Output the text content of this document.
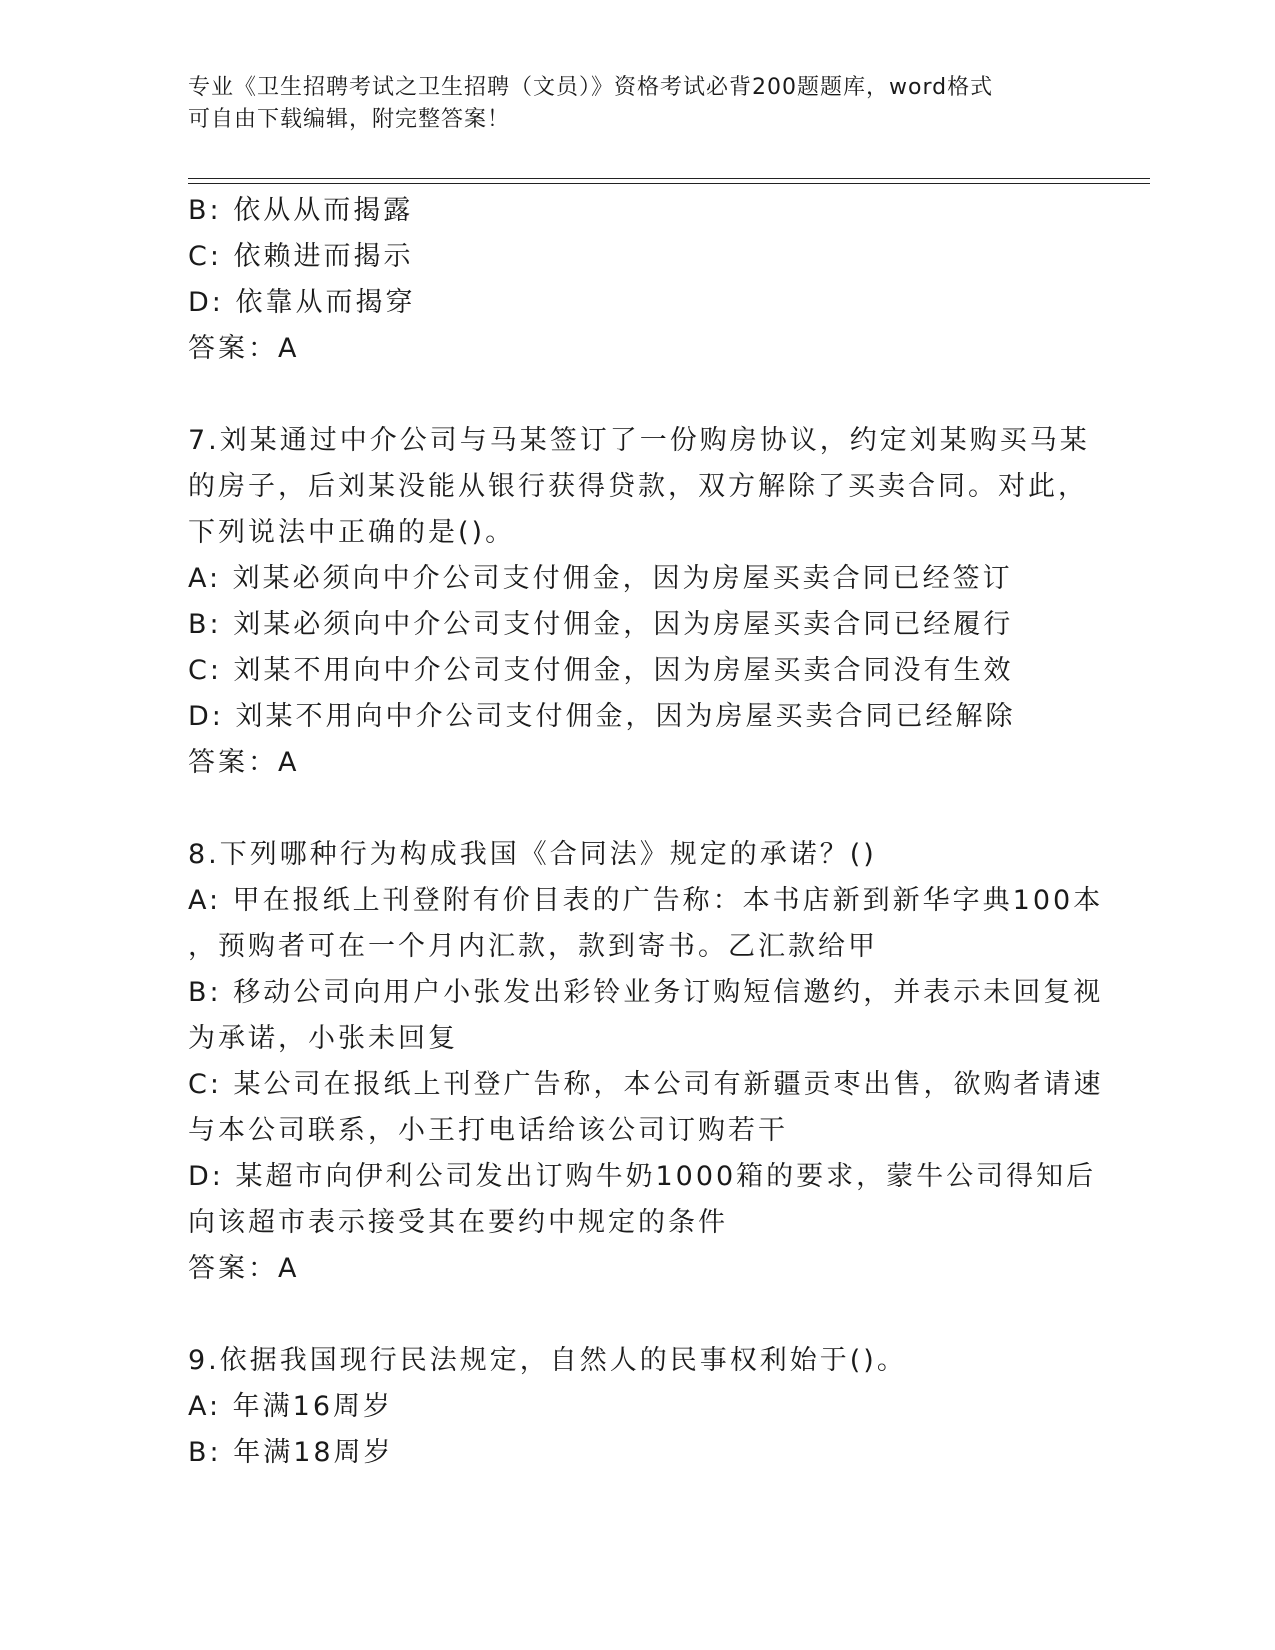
专业《卫生招聘考试之卫生招聘（文员）》资格考试必背200题题库，word格式
可自由下载编辑，附完整答案！
B: 依从从而揭露
C: 依赖进而揭示
D: 依靠从而揭穿
答案：A
7.刘某通过中介公司与马某签订了一份购房协议，约定刘某购买马某
的房子，后刘某没能从银行获得贷款，双方解除了买卖合同。对此，
下列说法中正确的是()。
A: 刘某必须向中介公司支付佣金，因为房屋买卖合同已经签订
B: 刘某必须向中介公司支付佣金，因为房屋买卖合同已经履行
C: 刘某不用向中介公司支付佣金，因为房屋买卖合同没有生效
D: 刘某不用向中介公司支付佣金，因为房屋买卖合同已经解除
答案：A
8.下列哪种行为构成我国《合同法》规定的承诺？()
A: 甲在报纸上刊登附有价目表的广告称：本书店新到新华字典100本
，预购者可在一个月内汇款，款到寄书。乙汇款给甲
B: 移动公司向用户小张发出彩铃业务订购短信邀约，并表示未回复视
为承诺，小张未回复
C: 某公司在报纸上刊登广告称，本公司有新疆贡枣出售，欲购者请速
与本公司联系，小王打电话给该公司订购若干
D: 某超市向伊利公司发出订购牛奶1000箱的要求，蒙牛公司得知后
向该超市表示接受其在要约中规定的条件
答案：A
9.依据我国现行民法规定，自然人的民事权利始于()。
A: 年满16周岁
B: 年满18周岁
